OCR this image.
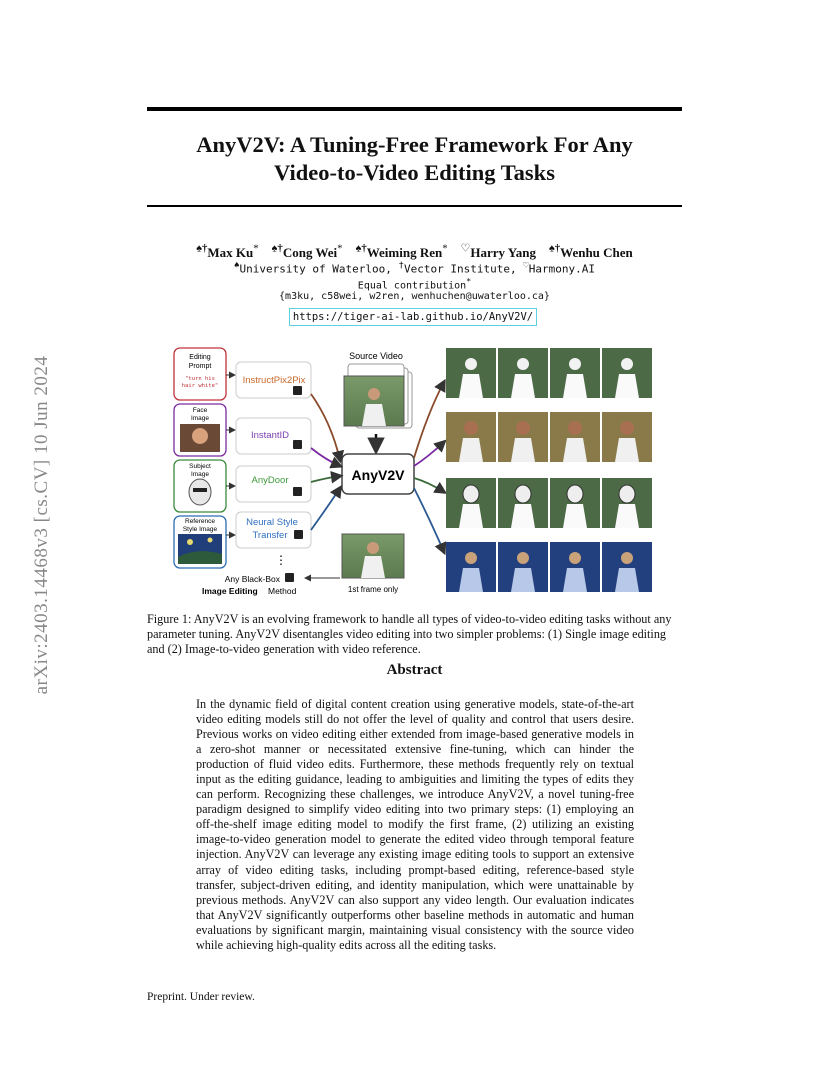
arXiv:2403.14468v3 [cs.CV] 10 Jun 2024
AnyV2V: A Tuning-Free Framework For Any
Video-to-Video Editing Tasks
♠†Max Ku* ♠†Cong Wei* ♠†Weiming Ren* ♡Harry Yang ♠†Wenhu Chen
♠University of Waterloo, †Vector Institute, ♡Harmony.AI
Equal contribution*
{m3ku, c58wei, w2ren, wenhuchen@uwaterloo.ca}
https://tiger-ai-lab.github.io/AnyV2V/
Editing
Prompt
"turn his
hair white"
Face
Image
Subject
Image
Reference
Style Image
InstructPix2Pix
InstantID
AnyDoor
Neural Style
Transfer
⋮
Any Black-Box
Image Editing Method
Source Video
AnyV2V
1st frame only
Figure 1: AnyV2V is an evolving framework to handle all types of video-to-video editing tasks without any parameter tuning. AnyV2V disentangles video editing into two simpler problems: (1) Single image editing and (2) Image-to-video generation with video reference.
Abstract
In the dynamic field of digital content creation using generative models, state-of-the-art video editing models still do not offer the level of quality and control that users desire. Previous works on video editing either extended from image-based generative models in a zero-shot manner or necessitated extensive fine-tuning, which can hinder the production of fluid video edits. Furthermore, these methods frequently rely on textual input as the editing guidance, leading to ambiguities and limiting the types of edits they can perform. Recognizing these challenges, we introduce AnyV2V, a novel tuning-free paradigm designed to simplify video editing into two primary steps: (1) employing an off-the-shelf image editing model to modify the first frame, (2) utilizing an existing image-to-video generation model to generate the edited video through temporal feature injection. AnyV2V can leverage any existing image editing tools to support an extensive array of video editing tasks, including prompt-based editing, reference-based style transfer, subject-driven editing, and identity manipulation, which were unattainable by previous methods. AnyV2V can also support any video length. Our evaluation indicates that AnyV2V significantly outperforms other baseline methods in automatic and human evaluations by significant margin, maintaining visual consistency with the source video while achieving high-quality edits across all the editing tasks.
Preprint. Under review.
